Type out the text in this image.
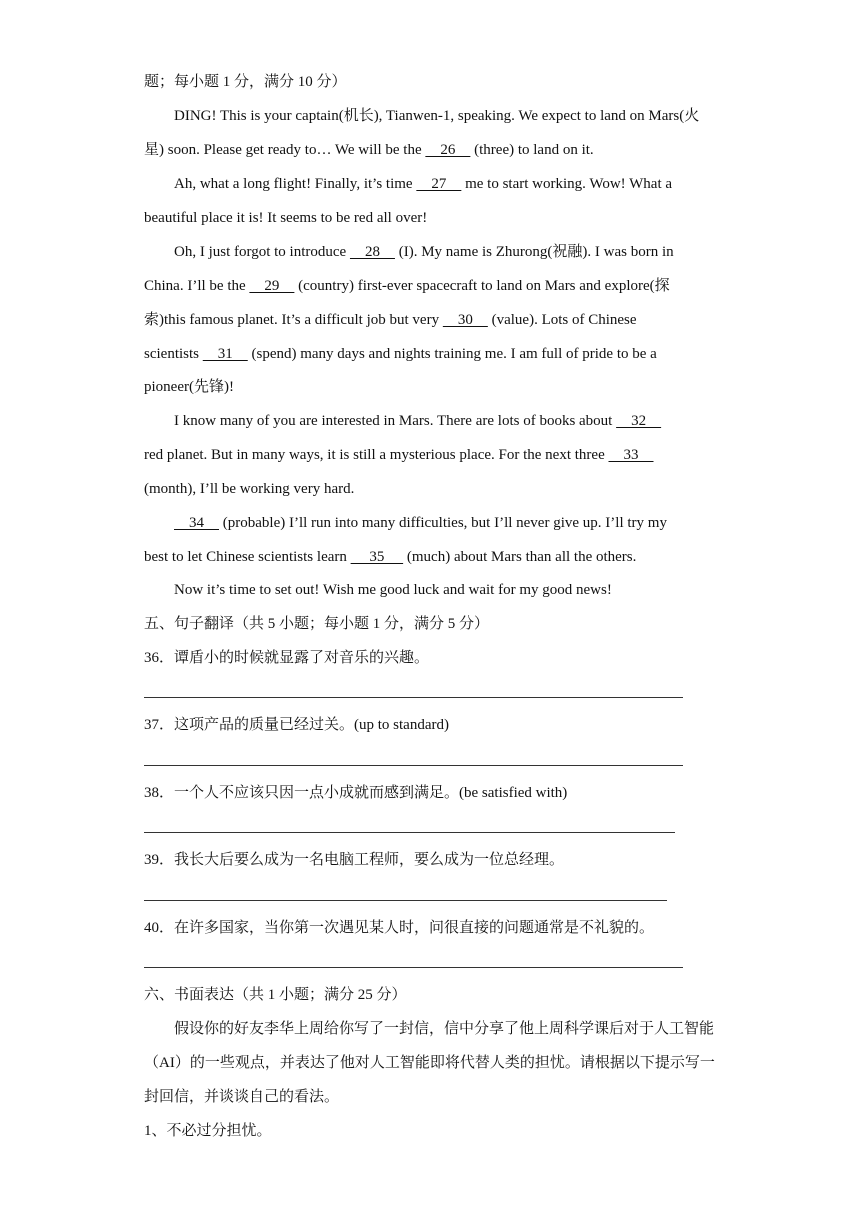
题；每小题 1 分，满分 10 分）
DING! This is your captain(机长), Tianwen-1, speaking. We expect to land on Mars(火
星) soon. Please get ready to… We will be the     26     (three) to land on it.
Ah, what a long flight! Finally, it’s time     27     me to start working. Wow! What a
beautiful place it is! It seems to be red all over!
Oh, I just forgot to introduce     28     (I). My name is Zhurong(祝融). I was born in
China. I’ll be the     29     (country) first-ever spacecraft to land on Mars and explore(探
索)this famous planet. It’s a difficult job but very     30     (value). Lots of Chinese
scientists     31     (spend) many days and nights training me. I am full of pride to be a
pioneer(先锋)!
I know many of you are interested in Mars. There are lots of books about     32
red planet. But in many ways, it is still a mysterious place. For the next three     33
(month), I’ll be working very hard.
34     (probable) I’ll run into many difficulties, but I’ll never give up. I’ll try my
best to let Chinese scientists learn      35      (much) about Mars than all the others.
Now it’s time to set out! Wish me good luck and wait for my good news!
五、句子翻译（共 5 小题；每小题 1 分，满分 5 分）
36．谭盾小的时候就显露了对音乐的兴趣。
37．这项产品的质量已经过关。(up to standard)
38．一个人不应该只因一点小成就而感到满足。(be satisfied with)
39．我长大后要么成为一名电脑工程师，要么成为一位总经理。
40．在许多国家，当你第一次遇见某人时，问很直接的问题通常是不礼貌的。
六、书面表达（共 1 小题；满分 25 分）
假设你的好友李华上周给你写了一封信，信中分享了他上周科学课后对于人工智能
（AI）的一些观点，并表达了他对人工智能即将代替人类的担忧。请根据以下提示写一
封回信，并谈谈自己的看法。
1、不必过分担忧。
